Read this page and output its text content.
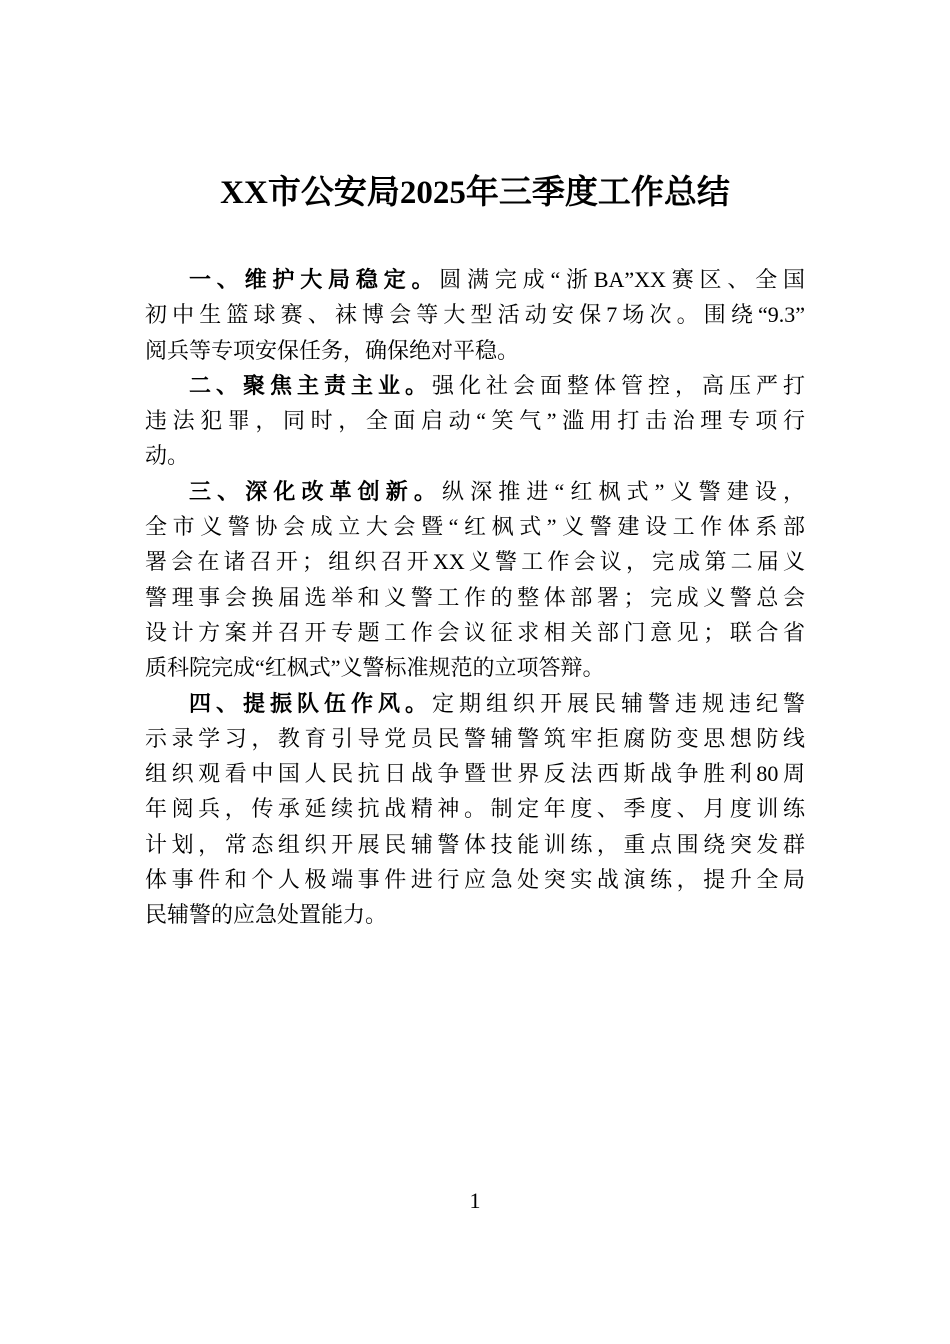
XX市公安局2025年三季度工作总结
一、维护大局稳定。圆满完成“浙BA”XX赛区、全国
初中生篮球赛、袜博会等大型活动安保7场次。围绕“9.3”
阅兵等专项安保任务，确保绝对平稳。
二、聚焦主责主业。强化社会面整体管控，高压严打
违法犯罪，同时，全面启动“笑气”滥用打击治理专项行
动。
三、深化改革创新。纵深推进“红枫式”义警建设，
全市义警协会成立大会暨“红枫式”义警建设工作体系部
署会在诸召开；组织召开XX义警工作会议，完成第二届义
警理事会换届选举和义警工作的整体部署；完成义警总会
设计方案并召开专题工作会议征求相关部门意见；联合省
质科院完成“红枫式”义警标准规范的立项答辩。
四、提振队伍作风。定期组织开展民辅警违规违纪警
示录学习，教育引导党员民警辅警筑牢拒腐防变思想防线
组织观看中国人民抗日战争暨世界反法西斯战争胜利80周
年阅兵，传承延续抗战精神。制定年度、季度、月度训练
计划，常态组织开展民辅警体技能训练，重点围绕突发群
体事件和个人极端事件进行应急处突实战演练，提升全局
民辅警的应急处置能力。
1
